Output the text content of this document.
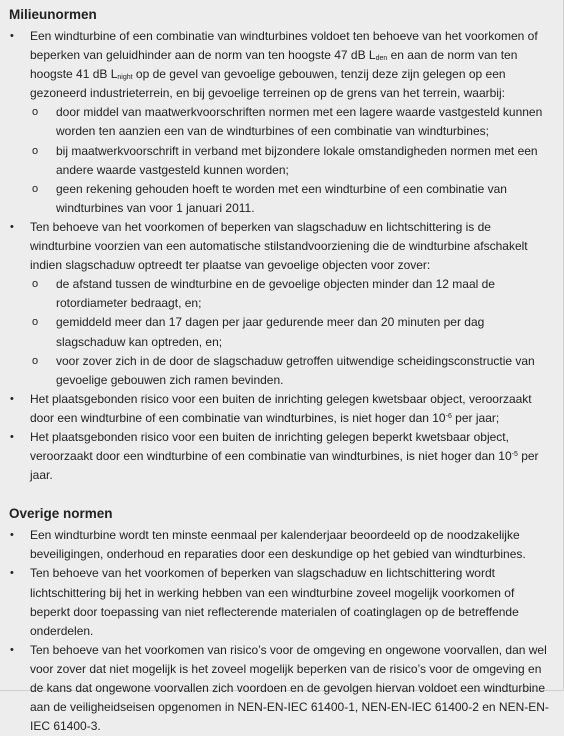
Milieunormen
• Een windturbine of een combinatie van windturbines voldoet ten behoeve van het voorkomen of beperken van geluidhinder aan de norm van ten hoogste 47 dB $L_{den}$ en aan de norm van ten hoogste 41 dB $L_{night}$ op de gevel van gevoelige gebouwen, tenzij deze zijn gelegen op een gezoneerd industrieterrein, en bij gevoelige terreinen op de grens van het terrein, waarbij:
o door middel van maatwerkvoorschriften normen met een lagere waarde vastgesteld kunnen worden ten aanzien een van de windturbines of een combinatie van windturbines;
o bij maatwerkvoorschrift in verband met bijzondere lokale omstandigheden normen met een andere waarde vastgesteld kunnen worden;
o geen rekening gehouden hoeft te worden met een windturbine of een combinatie van windturbines van voor 1 januari 2011.
• Ten behoeve van het voorkomen of beperken van slagschaduw en lichtschittering is de windturbine voorzien van een automatische stilstandvoorziening die de windturbine afschakelt indien slagschaduw optreedt ter plaatse van gevoelige objecten voor zover:
o de afstand tussen de windturbine en de gevoelige objecten minder dan 12 maal de rotordiameter bedraagt, en;
o gemiddeld meer dan 17 dagen per jaar gedurende meer dan 20 minuten per dag slagschaduw kan optreden, en;
o voor zover zich in de door de slagschaduw getroffen uitwendige scheidingsconstructie van gevoelige gebouwen zich ramen bevinden.
• Het plaatsgebonden risico voor een buiten de inrichting gelegen kwetsbaar object, veroorzaakt door een windturbine of een combinatie van windturbines, is niet hoger dan $10^{-6}$ per jaar;
• Het plaatsgebonden risico voor een buiten de inrichting gelegen beperkt kwetsbaar object, veroorzaakt door een windturbine of een combinatie van windturbines, is niet hoger dan $10^{-5}$ per jaar.
Overige normen
• Een windturbine wordt ten minste eenmaal per kalenderjaar beoordeeld op de noodzakelijke beveiligingen, onderhoud en reparaties door een deskundige op het gebied van windturbines.
• Ten behoeve van het voorkomen of beperken van slagschaduw en lichtschittering wordt lichtschittering bij het in werking hebben van een windturbine zoveel mogelijk voorkomen of beperkt door toepassing van niet reflecterende materialen of coatinglagen op de betreffende onderdelen.
• Ten behoeve van het voorkomen van risico’s voor de omgeving en ongewone voorvallen, dan wel voor zover dat niet mogelijk is het zoveel mogelijk beperken van de risico’s voor de omgeving en de kans dat ongewone voorvallen zich voordoen en de gevolgen hiervan voldoet een windturbine aan de veiligheidseisen opgenomen in NEN-EN-IEC 61400-1, NEN-EN-IEC 61400-2 en NEN-EN-IEC 61400-3.
